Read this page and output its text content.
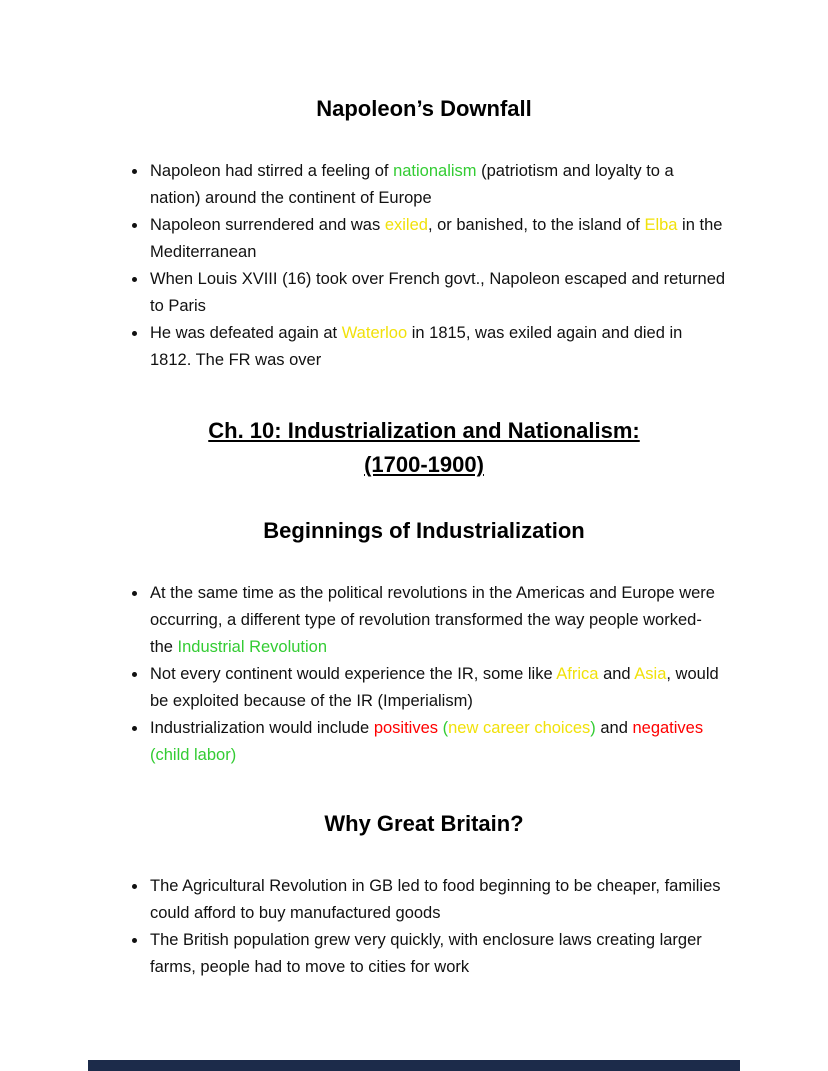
Napoleon’s Downfall
• Napoleon had stirred a feeling of nationalism (patriotism and loyalty to a nation) around the continent of Europe
• Napoleon surrendered and was exiled, or banished, to the island of Elba in the Mediterranean
• When Louis XVIII (16) took over French govt., Napoleon escaped and returned to Paris
• He was defeated again at Waterloo in 1815, was exiled again and died in 1812. The FR was over
Ch. 10: Industrialization and Nationalism:
(1700-1900)
Beginnings of Industrialization
• At the same time as the political revolutions in the Americas and Europe were occurring, a different type of revolution transformed the way people worked- the Industrial Revolution
• Not every continent would experience the IR, some like Africa and Asia, would be exploited because of the IR (Imperialism)
• Industrialization would include positives (new career choices) and negatives (child labor)
Why Great Britain?
• The Agricultural Revolution in GB led to food beginning to be cheaper, families could afford to buy manufactured goods
• The British population grew very quickly, with enclosure laws creating larger farms, people had to move to cities for work
